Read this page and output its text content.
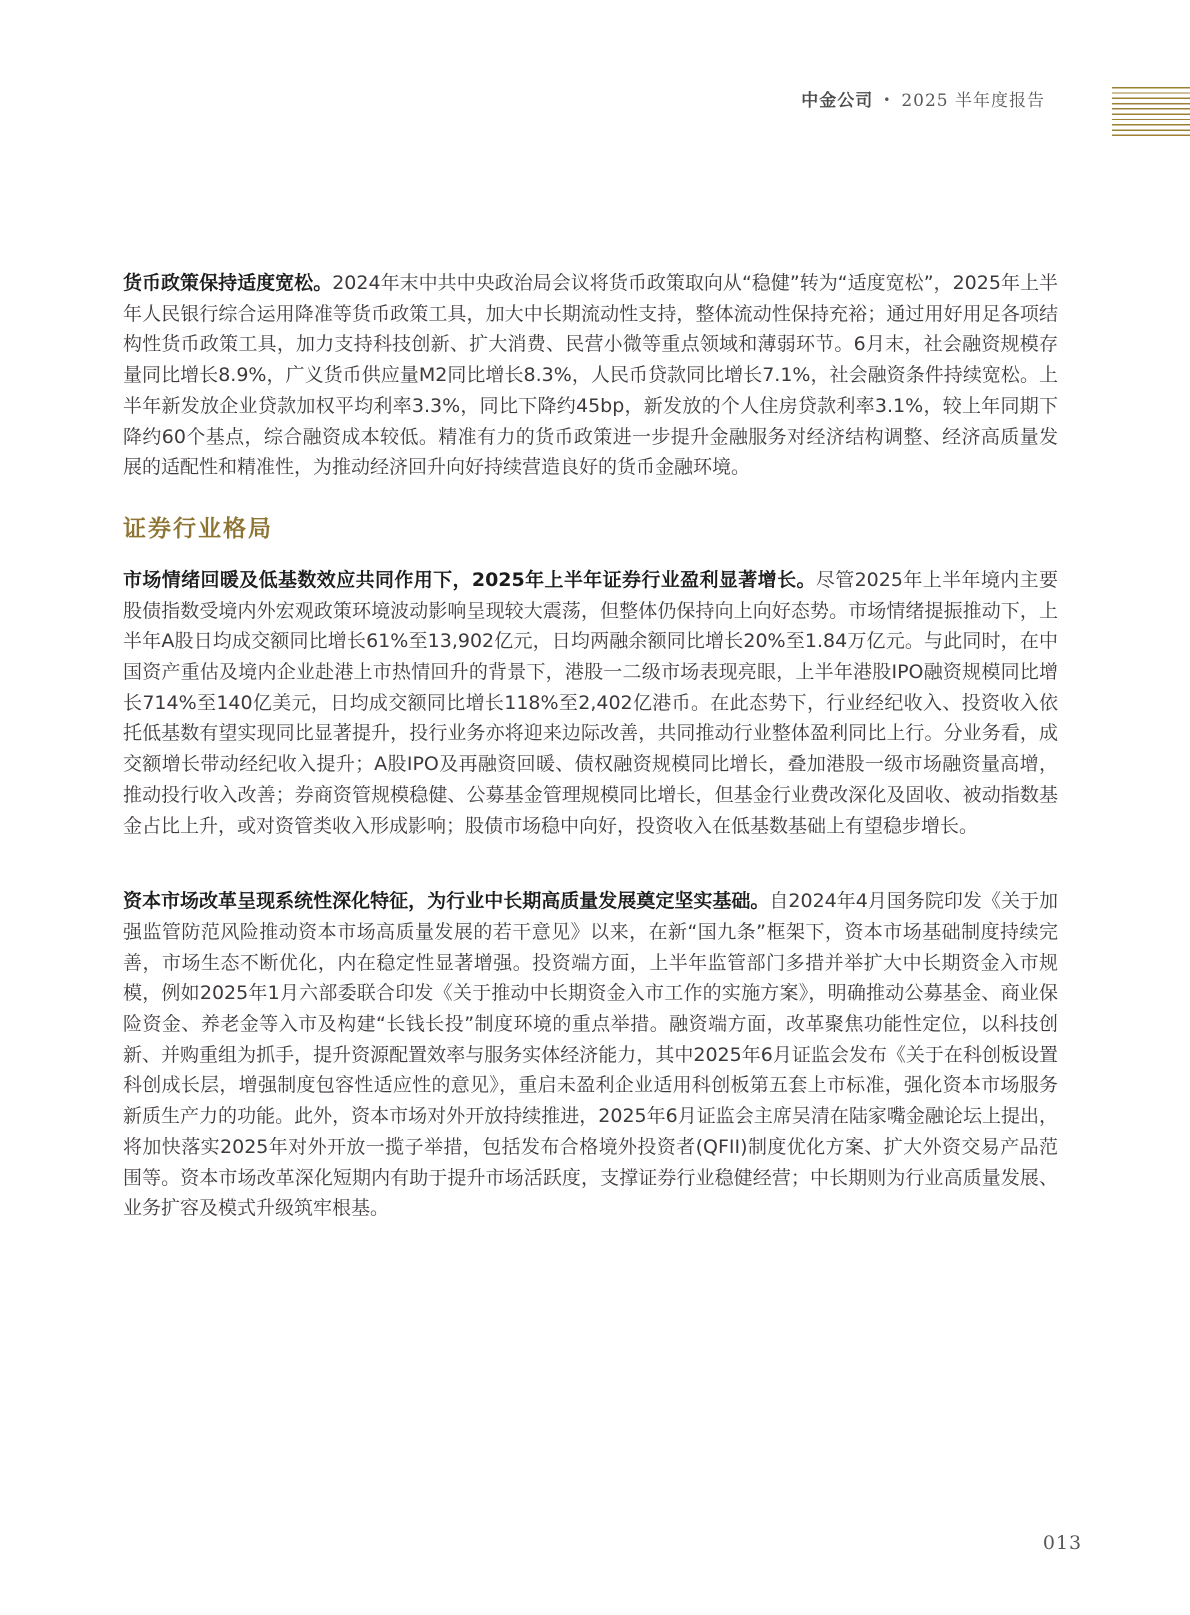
中金公司 • 2025 半年度报告

货币政策保持适度宽松。2024年末中共中央政治局会议将货币政策取向从“稳健”转为“适度宽松”，2025年上半年人民银行综合运用降准等货币政策工具，加大中长期流动性支持，整体流动性保持充裕；通过用好用足各项结构性货币政策工具，加力支持科技创新、扩大消费、民营小微等重点领域和薄弱环节。6月末，社会融资规模存量同比增长8.9%，广义货币供应量M2同比增长8.3%，人民币贷款同比增长7.1%，社会融资条件持续宽松。上半年新发放企业贷款加权平均利率3.3%，同比下降约45bp，新发放的个人住房贷款利率3.1%，较上年同期下降约60个基点，综合融资成本较低。精准有力的货币政策进一步提升金融服务对经济结构调整、经济高质量发展的适配性和精准性，为推动经济回升向好持续营造良好的货币金融环境。

证券行业格局

市场情绪回暖及低基数效应共同作用下，2025年上半年证券行业盈利显著增长。尽管2025年上半年境内主要股债指数受境内外宏观政策环境波动影响呈现较大震荡，但整体仍保持向上向好态势。市场情绪提振推动下，上半年A股日均成交额同比增长61%至13,902亿元，日均两融余额同比增长20%至1.84万亿元。与此同时，在中国资产重估及境内企业赴港上市热情回升的背景下，港股一二级市场表现亮眼，上半年港股IPO融资规模同比增长714%至140亿美元，日均成交额同比增长118%至2,402亿港币。在此态势下，行业经纪收入、投资收入依托低基数有望实现同比显著提升，投行业务亦将迎来边际改善，共同推动行业整体盈利同比上行。分业务看，成交额增长带动经纪收入提升；A股IPO及再融资回暖、债权融资规模同比增长，叠加港股一级市场融资量高增，推动投行收入改善；券商资管规模稳健、公募基金管理规模同比增长，但基金行业费改深化及固收、被动指数基金占比上升，或对资管类收入形成影响；股债市场稳中向好，投资收入在低基数基础上有望稳步增长。

资本市场改革呈现系统性深化特征，为行业中长期高质量发展奠定坚实基础。自2024年4月国务院印发《关于加强监管防范风险推动资本市场高质量发展的若干意见》以来，在新“国九条”框架下，资本市场基础制度持续完善，市场生态不断优化，内在稳定性显著增强。投资端方面，上半年监管部门多措并举扩大中长期资金入市规模，例如2025年1月六部委联合印发《关于推动中长期资金入市工作的实施方案》，明确推动公募基金、商业保险资金、养老金等入市及构建“长钱长投”制度环境的重点举措。融资端方面，改革聚焦功能性定位，以科技创新、并购重组为抓手，提升资源配置效率与服务实体经济能力，其中2025年6月证监会发布《关于在科创板设置科创成长层，增强制度包容性适应性的意见》，重启未盈利企业适用科创板第五套上市标准，强化资本市场服务新质生产力的功能。此外，资本市场对外开放持续推进，2025年6月证监会主席吴清在陆家嘴金融论坛上提出，将加快落实2025年对外开放一揽子举措，包括发布合格境外投资者(QFII)制度优化方案、扩大外资交易产品范围等。资本市场改革深化短期内有助于提升市场活跃度，支撑证券行业稳健经营；中长期则为行业高质量发展、业务扩容及模式升级筑牢根基。

013
